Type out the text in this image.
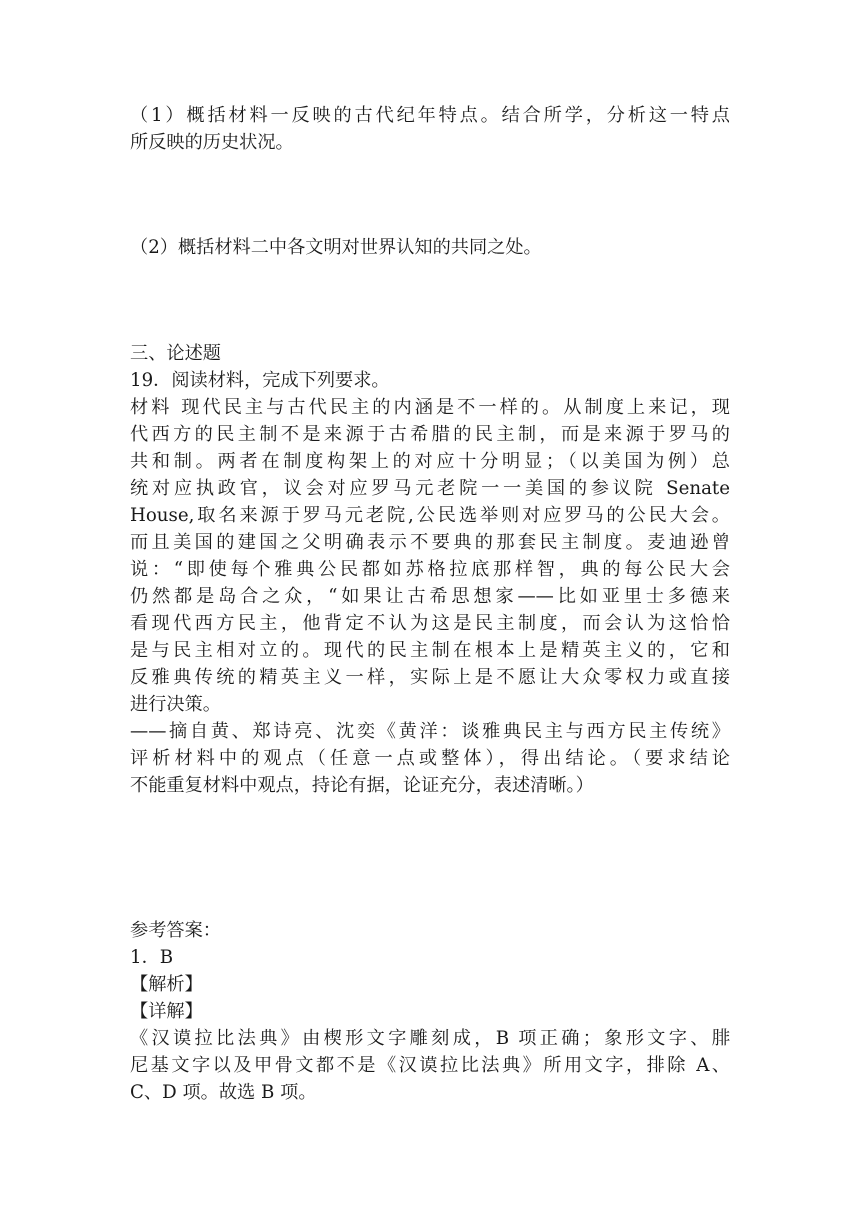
（1）概括材料一反映的古代纪年特点。结合所学，分析这一特点
所反映的历史状况。
（2）概括材料二中各文明对世界认知的共同之处。
三、论述题
19．阅读材料，完成下列要求。
材料 现代民主与古代民主的内涵是不一样的。从制度上来记，现
代西方的民主制不是来源于古希腊的民主制，而是来源于罗马的
共和制。两者在制度构架上的对应十分明显；（以美国为例）总
统对应执政官，议会对应罗马元老院一一美国的参议院 Senate
House,取名来源于罗马元老院,公民选举则对应罗马的公民大会。
而且美国的建国之父明确表示不要典的那套民主制度。麦迪逊曾
说：“即使每个雅典公民都如苏格拉底那样智，典的每公民大会
仍然都是岛合之众，“如果让古希思想家——比如亚里士多德来
看现代西方民主，他背定不认为这是民主制度，而会认为这恰恰
是与民主相对立的。现代的民主制在根本上是精英主义的，它和
反雅典传统的精英主义一样，实际上是不愿让大众零权力或直接
进行决策。
——摘自黄、郑诗亮、沈奕《黄洋：谈雅典民主与西方民主传统》
评析材料中的观点（任意一点或整体），得出结论。（要求结论
不能重复材料中观点，持论有据，论证充分，表述清晰。）
参考答案：
1．B
【解析】
【详解】
《汉谟拉比法典》由楔形文字雕刻成，B 项正确；象形文字、腓
尼基文字以及甲骨文都不是《汉谟拉比法典》所用文字，排除 A、
C、D 项。故选 B 项。
